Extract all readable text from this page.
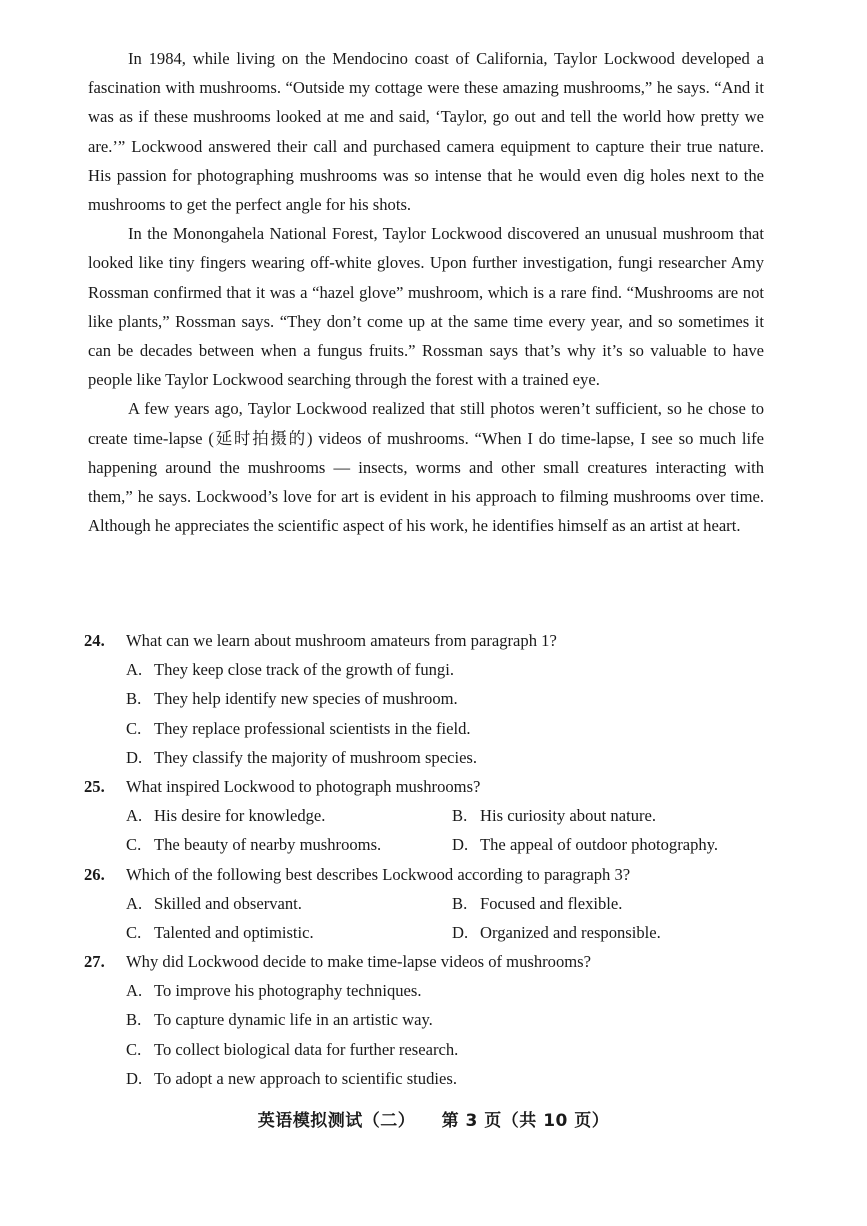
In 1984, while living on the Mendocino coast of California, Taylor Lockwood developed a fascination with mushrooms. “Outside my cottage were these amazing mushrooms,” he says. “And it was as if these mushrooms looked at me and said, ‘Taylor, go out and tell the world how pretty we are.’” Lockwood answered their call and purchased camera equipment to capture their true nature. His passion for photographing mushrooms was so intense that he would even dig holes next to the mushrooms to get the perfect angle for his shots.

In the Monongahela National Forest, Taylor Lockwood discovered an unusual mushroom that looked like tiny fingers wearing off-white gloves. Upon further investigation, fungi researcher Amy Rossman confirmed that it was a “hazel glove” mushroom, which is a rare find. “Mushrooms are not like plants,” Rossman says. “They don’t come up at the same time every year, and so sometimes it can be decades between when a fungus fruits.” Rossman says that’s why it’s so valuable to have people like Taylor Lockwood searching through the forest with a trained eye.

A few years ago, Taylor Lockwood realized that still photos weren’t sufficient, so he chose to create time-lapse (延时拍摄的) videos of mushrooms. “When I do time-lapse, I see so much life happening around the mushrooms — insects, worms and other small creatures interacting with them,” he says. Lockwood’s love for art is evident in his approach to filming mushrooms over time. Although he appreciates the scientific aspect of his work, he identifies himself as an artist at heart.

24.	What can we learn about mushroom amateurs from paragraph 1?
A. They keep close track of the growth of fungi.
B. They help identify new species of mushroom.
C. They replace professional scientists in the field.
D. They classify the majority of mushroom species.
25.	What inspired Lockwood to photograph mushrooms?
A. His desire for knowledge.	B. His curiosity about nature.
C. The beauty of nearby mushrooms.	D. The appeal of outdoor photography.
26.	Which of the following best describes Lockwood according to paragraph 3?
A. Skilled and observant.	B. Focused and flexible.
C. Talented and optimistic.	D. Organized and responsible.
27.	Why did Lockwood decide to make time-lapse videos of mushrooms?
A. To improve his photography techniques.
B. To capture dynamic life in an artistic way.
C. To collect biological data for further research.
D. To adopt a new approach to scientific studies.
英语模拟测试（二） 第 3 页（共 10 页）
